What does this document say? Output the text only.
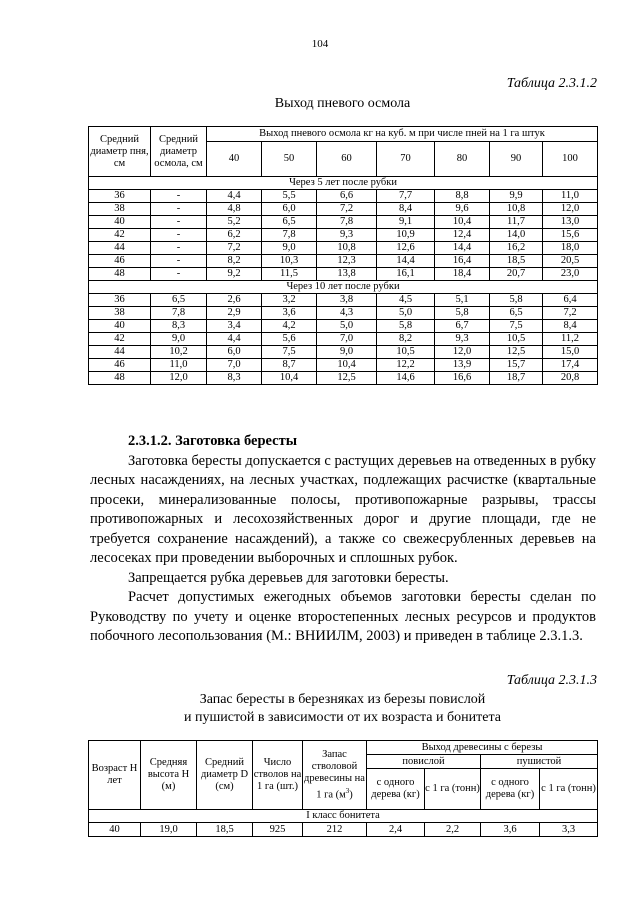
104
Таблица 2.3.1.2
Выход пневого осмола
Средний диаметр пня, см	Средний диаметр осмола, см	Выход пневого осмола кг на куб. м при числе пней на 1 га штук						
		40	50	60	70	80	90	100
Через 5 лет после рубки								
36	-	4,4	5,5	6,6	7,7	8,8	9,9	11,0
38	-	4,8	6,0	7,2	8,4	9,6	10,8	12,0
40	-	5,2	6,5	7,8	9,1	10,4	11,7	13,0
42	-	6,2	7,8	9,3	10,9	12,4	14,0	15,6
44	-	7,2	9,0	10,8	12,6	14,4	16,2	18,0
46	-	8,2	10,3	12,3	14,4	16,4	18,5	20,5
48	-	9,2	11,5	13,8	16,1	18,4	20,7	23,0
Через 10 лет после рубки								
36	6,5	2,6	3,2	3,8	4,5	5,1	5,8	6,4
38	7,8	2,9	3,6	4,3	5,0	5,8	6,5	7,2
40	8,3	3,4	4,2	5,0	5,8	6,7	7,5	8,4
42	9,0	4,4	5,6	7,0	8,2	9,3	10,5	11,2
44	10,2	6,0	7,5	9,0	10,5	12,0	12,5	15,0
46	11,0	7,0	8,7	10,4	12,2	13,9	15,7	17,4
48	12,0	8,3	10,4	12,5	14,6	16,6	18,7	20,8
2.3.1.2. Заготовка бересты

Заготовка бересты допускается с растущих деревьев на отведенных в рубку лесных насаждениях, на лесных участках, подлежащих расчистке (квартальные просеки, минерализованные полосы, противопожарные разрывы, трассы противопожарных и лесохозяйственных дорог и другие площади, где не требуется сохранение насаждений), а также со свежесрубленных деревьев на лесосеках при проведении выборочных и сплошных рубок.

Запрещается рубка деревьев для заготовки бересты.

Расчет допустимых ежегодных объемов заготовки бересты сделан по Руководству по учету и оценке второстепенных лесных ресурсов и продуктов побочного лесопользования (М.: ВНИИЛМ, 2003) и приведен в таблице 2.3.1.3.

Таблица 2.3.1.3
Запас бересты в березняках из березы повислой
и пушистой в зависимости от их возраста и бонитета
Возраст Н лет	Средняя высота Н (м)	Средний диаметр D (см)	Число стволов на 1 га (шт.)	Запас стволовой древесины на 1 га $(м^3)$	Выход древесины с березы			
					повислой		пушистой	
					с одного дерева (кг)	с 1 га (тонн)	с одного дерева (кг)	с 1 га (тонн)
I класс бонитета								
40	19,0	18,5	925	212	2,4	2,2	3,6	3,3
